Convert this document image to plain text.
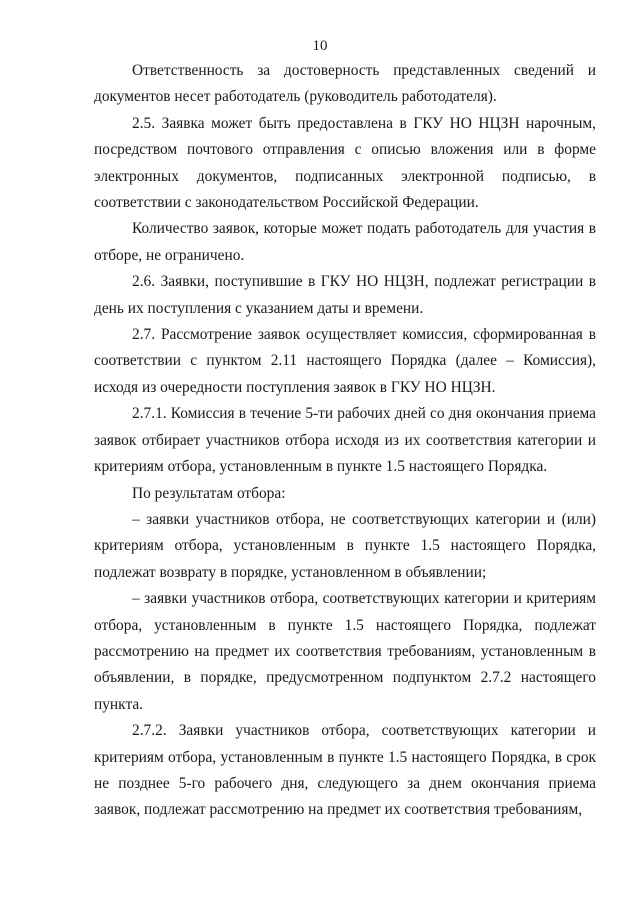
10

Ответственность за достоверность представленных сведений и документов несет работодатель (руководитель работодателя).

2.5. Заявка может быть предоставлена в ГКУ НО НЦЗН нарочным, посредством почтового отправления с описью вложения или в форме электронных документов, подписанных электронной подписью, в соответствии с законодательством Российской Федерации.

Количество заявок, которые может подать работодатель для участия в отборе, не ограничено.

2.6. Заявки, поступившие в ГКУ НО НЦЗН, подлежат регистрации в день их поступления с указанием даты и времени.

2.7. Рассмотрение заявок осуществляет комиссия, сформированная в соответствии с пунктом 2.11 настоящего Порядка (далее – Комиссия), исходя из очередности поступления заявок в ГКУ НО НЦЗН.

2.7.1. Комиссия в течение 5-ти рабочих дней со дня окончания приема заявок отбирает участников отбора исходя из их соответствия категории и критериям отбора, установленным в пункте 1.5 настоящего Порядка.

По результатам отбора:

– заявки участников отбора, не соответствующих категории и (или) критериям отбора, установленным в пункте 1.5 настоящего Порядка, подлежат возврату в порядке, установленном в объявлении;

– заявки участников отбора, соответствующих категории и критериям отбора, установленным в пункте 1.5 настоящего Порядка, подлежат рассмотрению на предмет их соответствия требованиям, установленным в объявлении, в порядке, предусмотренном подпунктом 2.7.2 настоящего пункта.

2.7.2. Заявки участников отбора, соответствующих категории и критериям отбора, установленным в пункте 1.5 настоящего Порядка, в срок не позднее 5-го рабочего дня, следующего за днем окончания приема заявок, подлежат рассмотрению на предмет их соответствия требованиям,
